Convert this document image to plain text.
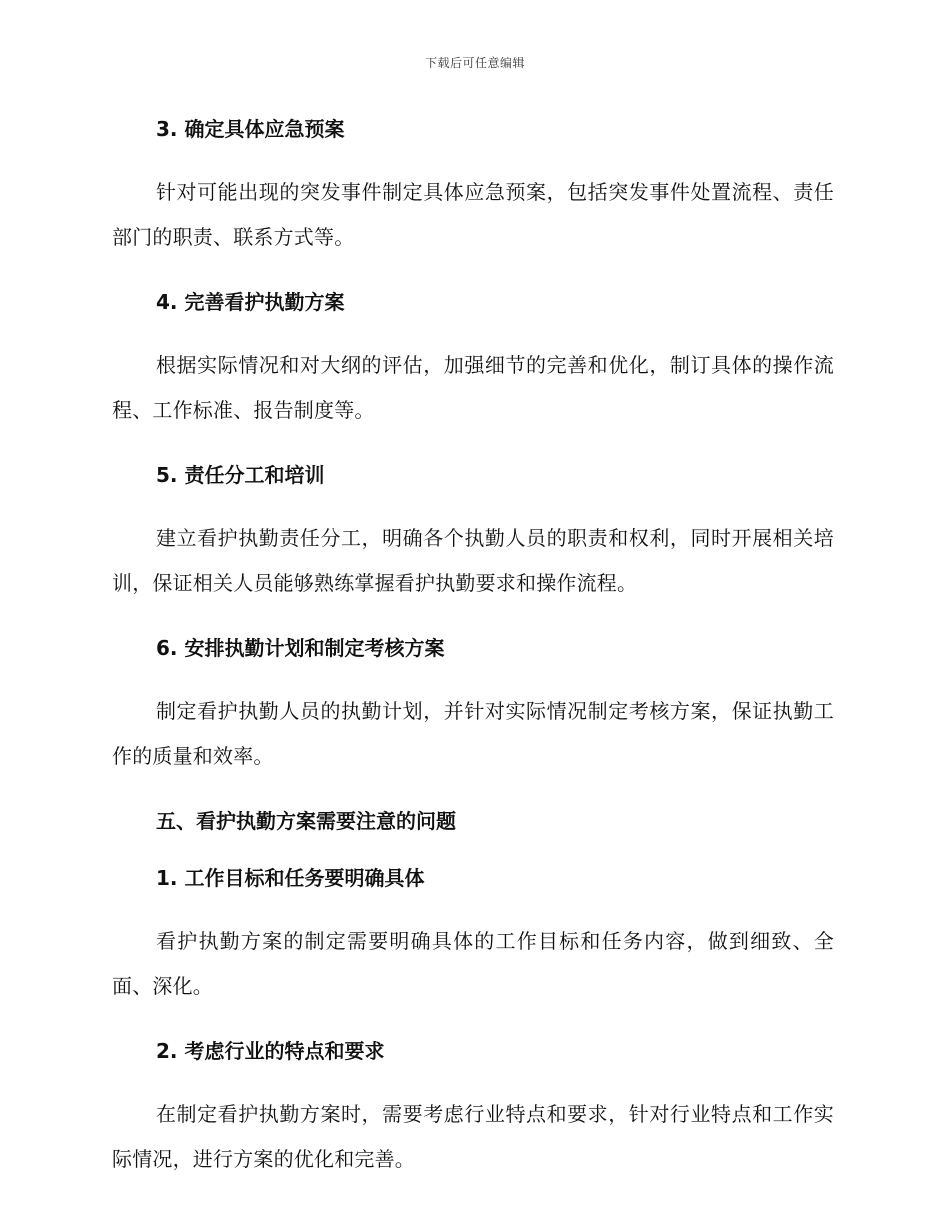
下载后可任意编辑
3. 确定具体应急预案

针对可能出现的突发事件制定具体应急预案，包括突发事件处置流程、责任部门的职责、联系方式等。

4. 完善看护执勤方案

根据实际情况和对大纲的评估，加强细节的完善和优化，制订具体的操作流程、工作标准、报告制度等。

5. 责任分工和培训

建立看护执勤责任分工，明确各个执勤人员的职责和权利，同时开展相关培训，保证相关人员能够熟练掌握看护执勤要求和操作流程。

6. 安排执勤计划和制定考核方案

制定看护执勤人员的执勤计划，并针对实际情况制定考核方案，保证执勤工作的质量和效率。

五、看护执勤方案需要注意的问题
1. 工作目标和任务要明确具体

看护执勤方案的制定需要明确具体的工作目标和任务内容，做到细致、全面、深化。

2. 考虑行业的特点和要求

在制定看护执勤方案时，需要考虑行业特点和要求，针对行业特点和工作实际情况，进行方案的优化和完善。
